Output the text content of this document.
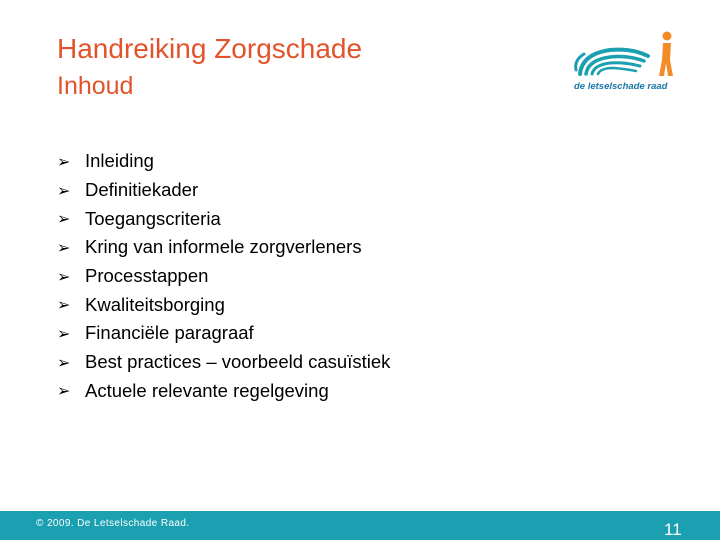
Handreiking Zorgschade
Inhoud	de letselschade raad
➢ Inleiding
➢ Definitiekader
➢ Toegangscriteria
➢ Kring van informele zorgverleners
➢ Processtappen
➢ Kwaliteitsborging
➢ Financiële paragraaf
➢ Best practices – voorbeeld casuïstiek
➢ Actuele relevante regelgeving
© 2009. De Letselschade Raad.	11
